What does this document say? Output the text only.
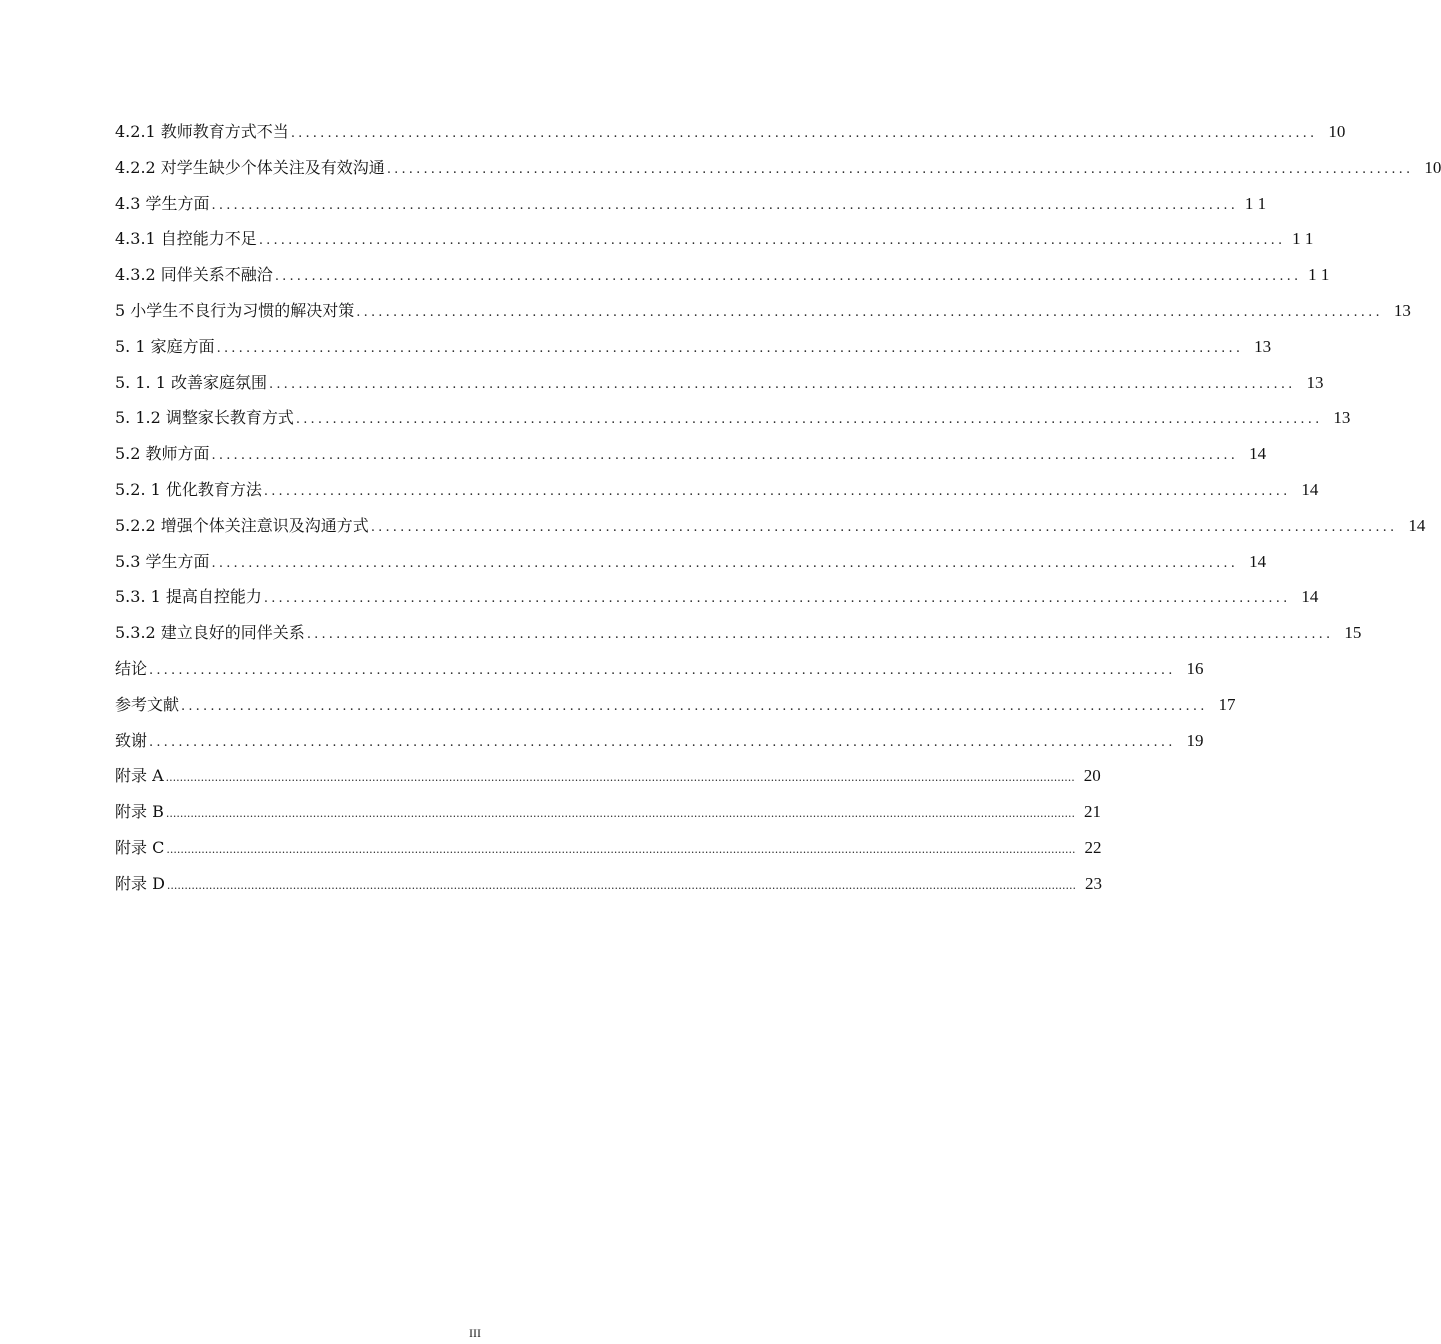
4.2.1 教师教育方式不当 ............................................................................................................................................ 10
4.2.2 对学生缺少个体关注及有效沟通 ............................................................................................................................................ 10
4.3 学生方面 ............................................................................................................................................ 1 1
4.3.1 自控能力不足 ............................................................................................................................................ 1 1
4.3.2 同伴关系不融洽 ............................................................................................................................................ 1 1
5 小学生不良行为习惯的解决对策 ............................................................................................................................................ 13
5. 1 家庭方面 ............................................................................................................................................ 13
5. 1. 1 改善家庭氛围 ............................................................................................................................................ 13
5. 1.2 调整家长教育方式 ............................................................................................................................................ 13
5.2 教师方面 ............................................................................................................................................ 14
5.2. 1 优化教育方法 ............................................................................................................................................ 14
5.2.2 增强个体关注意识及沟通方式 ............................................................................................................................................ 14
5.3 学生方面 ............................................................................................................................................ 14
5.3. 1 提高自控能力 ............................................................................................................................................ 14
5.3.2 建立良好的同伴关系 ............................................................................................................................................ 15
结论 ............................................................................................................................................ 16
参考文献 ............................................................................................................................................ 17
致谢 ............................................................................................................................................ 19
附录 A .................................................................................................................................................................................................................................................................... 20
附录 B .................................................................................................................................................................................................................................................................... 21
附录 C .................................................................................................................................................................................................................................................................... 22
附录 D .................................................................................................................................................................................................................................................................... 23
III
